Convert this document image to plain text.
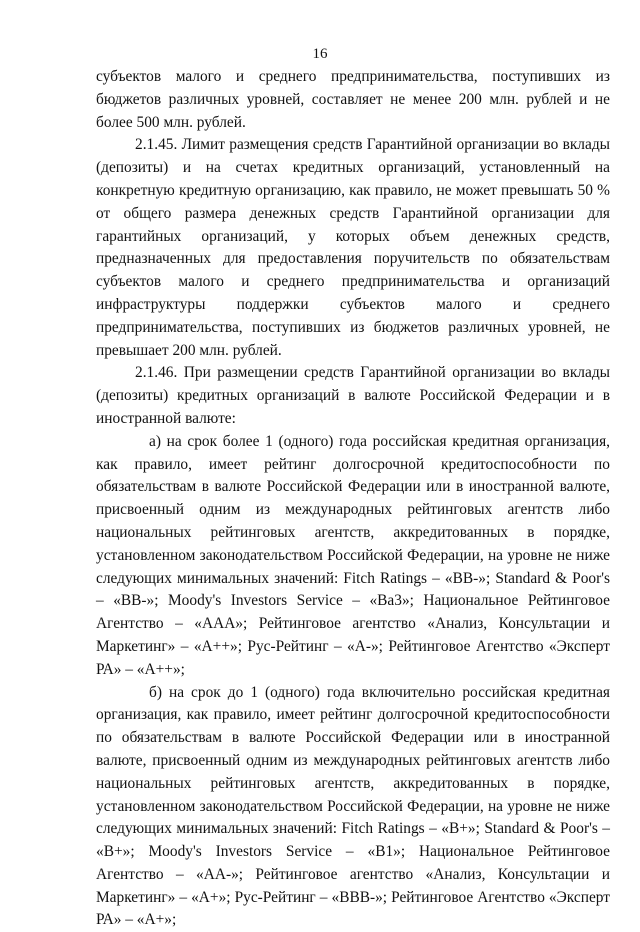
16

субъектов малого и среднего предпринимательства, поступивших из бюджетов различных уровней, составляет не менее 200 млн. рублей и не более 500 млн. рублей.

2.1.45. Лимит размещения средств Гарантийной организации во вклады (депозиты) и на счетах кредитных организаций, установленный на конкретную кредитную организацию, как правило, не может превышать 50 % от общего размера денежных средств Гарантийной организации для гарантийных организаций, у которых объем денежных средств, предназначенных для предоставления поручительств по обязательствам субъектов малого и среднего предпринимательства и организаций инфраструктуры поддержки субъектов малого и среднего предпринимательства, поступивших из бюджетов различных уровней, не превышает 200 млн. рублей.

2.1.46. При размещении средств Гарантийной организации во вклады (депозиты) кредитных организаций в валюте Российской Федерации и в иностранной валюте:

а) на срок более 1 (одного) года российская кредитная организация, как правило, имеет рейтинг долгосрочной кредитоспособности по обязательствам в валюте Российской Федерации или в иностранной валюте, присвоенный одним из международных рейтинговых агентств либо национальных рейтинговых агентств, аккредитованных в порядке, установленном законодательством Российской Федерации, на уровне не ниже следующих минимальных значений: Fitch Ratings – «BB-»; Standard & Poor's – «BB-»; Moody's Investors Service – «Ba3»; Национальное Рейтинговое Агентство – «AAA»; Рейтинговое агентство «Анализ, Консультации и Маркетинг» – «A++»; Рус-Рейтинг – «A-»; Рейтинговое Агентство «Эксперт РА» – «A++»;

б) на срок до 1 (одного) года включительно российская кредитная организация, как правило, имеет рейтинг долгосрочной кредитоспособности по обязательствам в валюте Российской Федерации или в иностранной валюте, присвоенный одним из международных рейтинговых агентств либо национальных рейтинговых агентств, аккредитованных в порядке, установленном законодательством Российской Федерации, на уровне не ниже следующих минимальных значений: Fitch Ratings – «B+»; Standard & Poor's – «B+»; Moody's Investors Service – «B1»; Национальное Рейтинговое Агентство – «AA-»; Рейтинговое агентство «Анализ, Консультации и Маркетинг» – «A+»; Рус-Рейтинг – «BBB-»; Рейтинговое Агентство «Эксперт РА» – «A+»;
